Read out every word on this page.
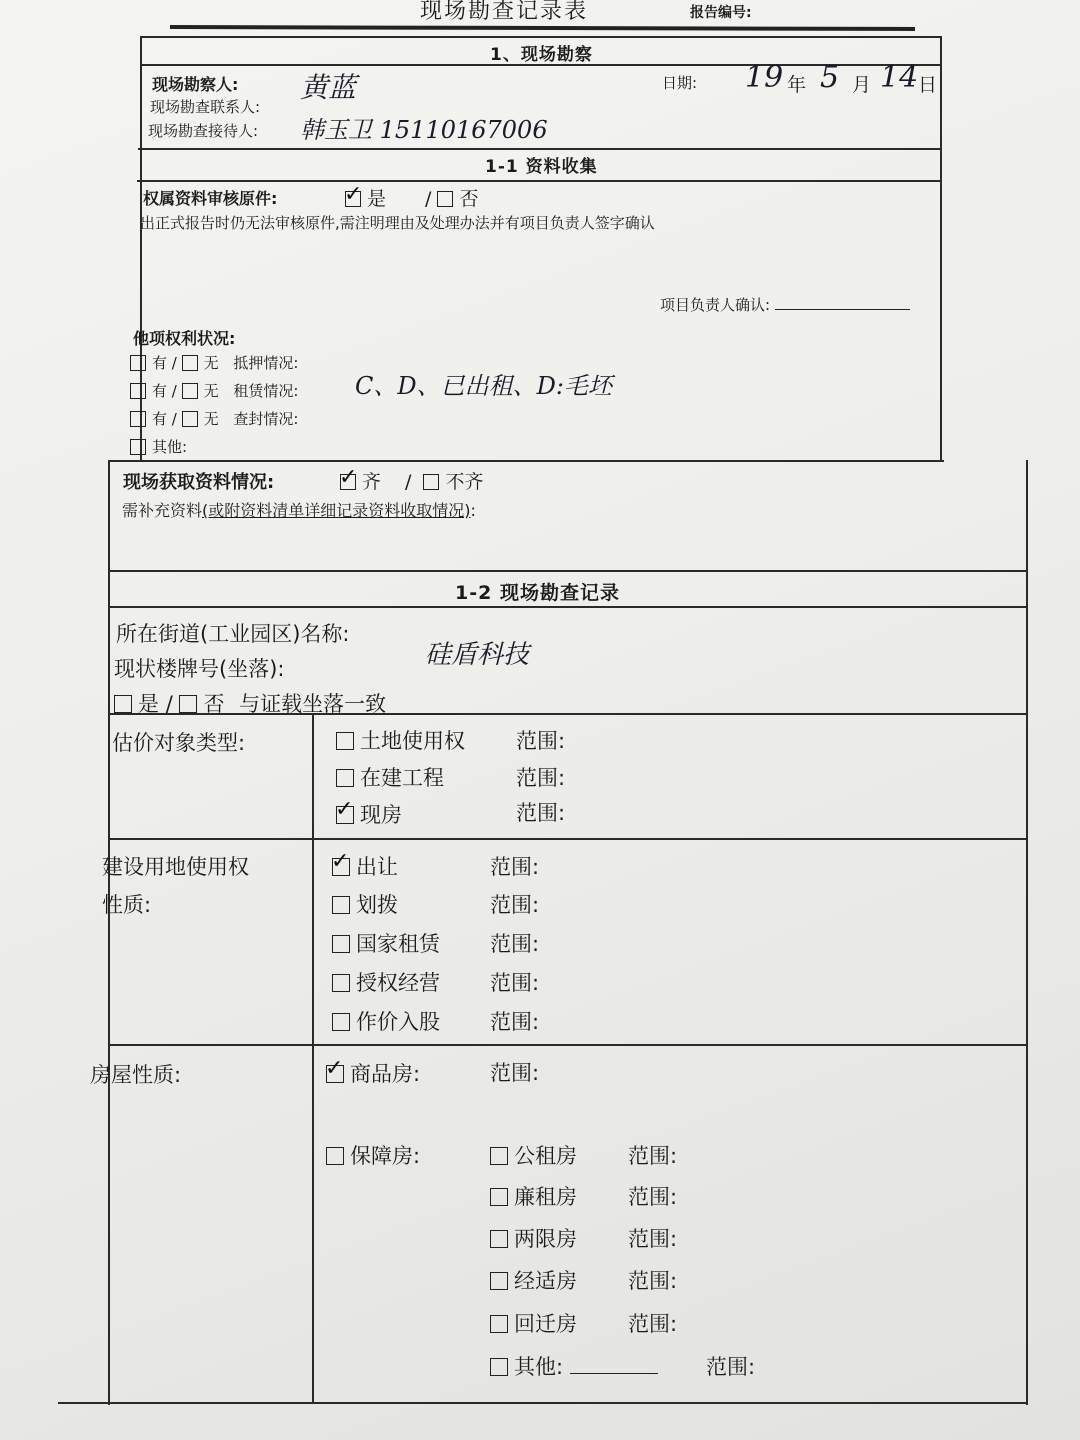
现场勘查记录表	报告编号:
1、现场勘察
现场勘察人: 黄蓝
现场勘查联系人:
现场勘查接待人: 韩玉卫 15110167006
日期: 19 年 5 月 14 日
1-1 资料收集
权属资料审核原件:	✓ 是 / 否
出正式报告时仍无法审核原件,需注明理由及处理办法并有项目负责人签字确认
项目负责人确认:
他项权利状况:
有 / 无 抵押情况:
有 / 无 租赁情况: C、D、已出租、D:毛坯
有 / 无 查封情况:
其他:
现场获取资料情况:	✓ 齐 /  不齐
需补充资料(或附资料清单详细记录资料收取情况):
1-2 现场勘查记录
所在街道(工业园区)名称:
硅盾科技
现状楼牌号(坐落):
是 / 否 与证载坐落一致
估价对象类型:	土地使用权 范围:
在建工程	范围:
✓ 现房	范围:
建设用地使用权
性质:
✓ 出让	范围:
划拨	范围:
国家租赁 范围:
授权经营 范围:
作价入股 范围:
房屋性质:	✓ 商品房:	范围:
保障房:	公租房 范围:
廉租房 范围:
两限房 范围:
经适房 范围:
回迁房 范围:
其他:	范围:
